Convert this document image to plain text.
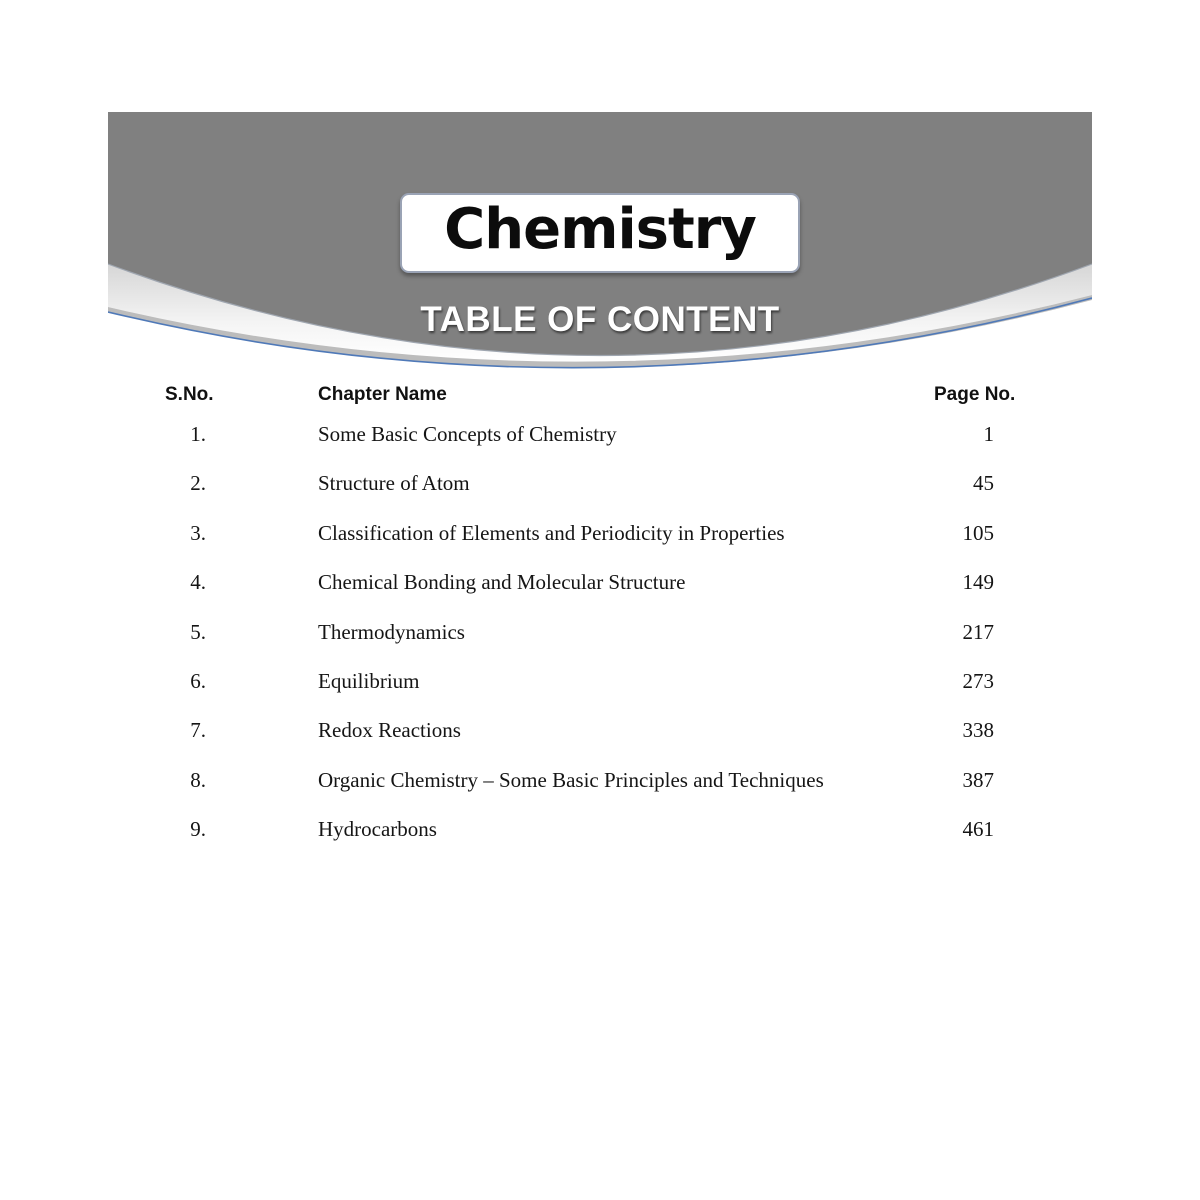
Chemistry
TABLE OF CONTENT
S.No.	Chapter Name	Page No.
1.	Some Basic Concepts of Chemistry	1
2.	Structure of Atom	45
3.	Classification of Elements and Periodicity in Properties	105
4.	Chemical Bonding and Molecular Structure	149
5.	Thermodynamics	217
6.	Equilibrium	273
7.	Redox Reactions	338
8.	Organic Chemistry – Some Basic Principles and Techniques	387
9.	Hydrocarbons	461
